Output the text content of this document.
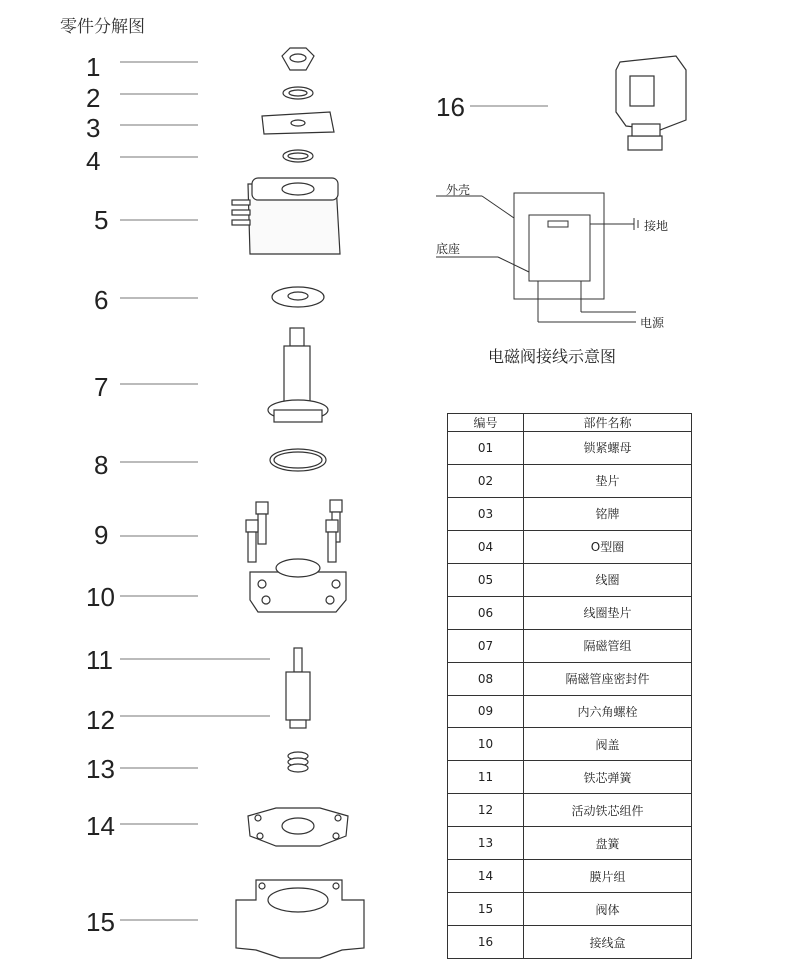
零件分解图
1
2
3
4
5
6
7
8
9
10
11
12
13
14
15
16
外壳
底座
接地
电源
电磁阀接线示意图
编号	部件名称
01	锁紧螺母
02	垫片
03	铭牌
04	O型圈
05	线圈
06	线圈垫片
07	隔磁管组
08	隔磁管座密封件
09	内六角螺栓
10	阀盖
11	铁芯弹簧
12	活动铁芯组件
13	盘簧
14	膜片组
15	阀体
16	接线盒
